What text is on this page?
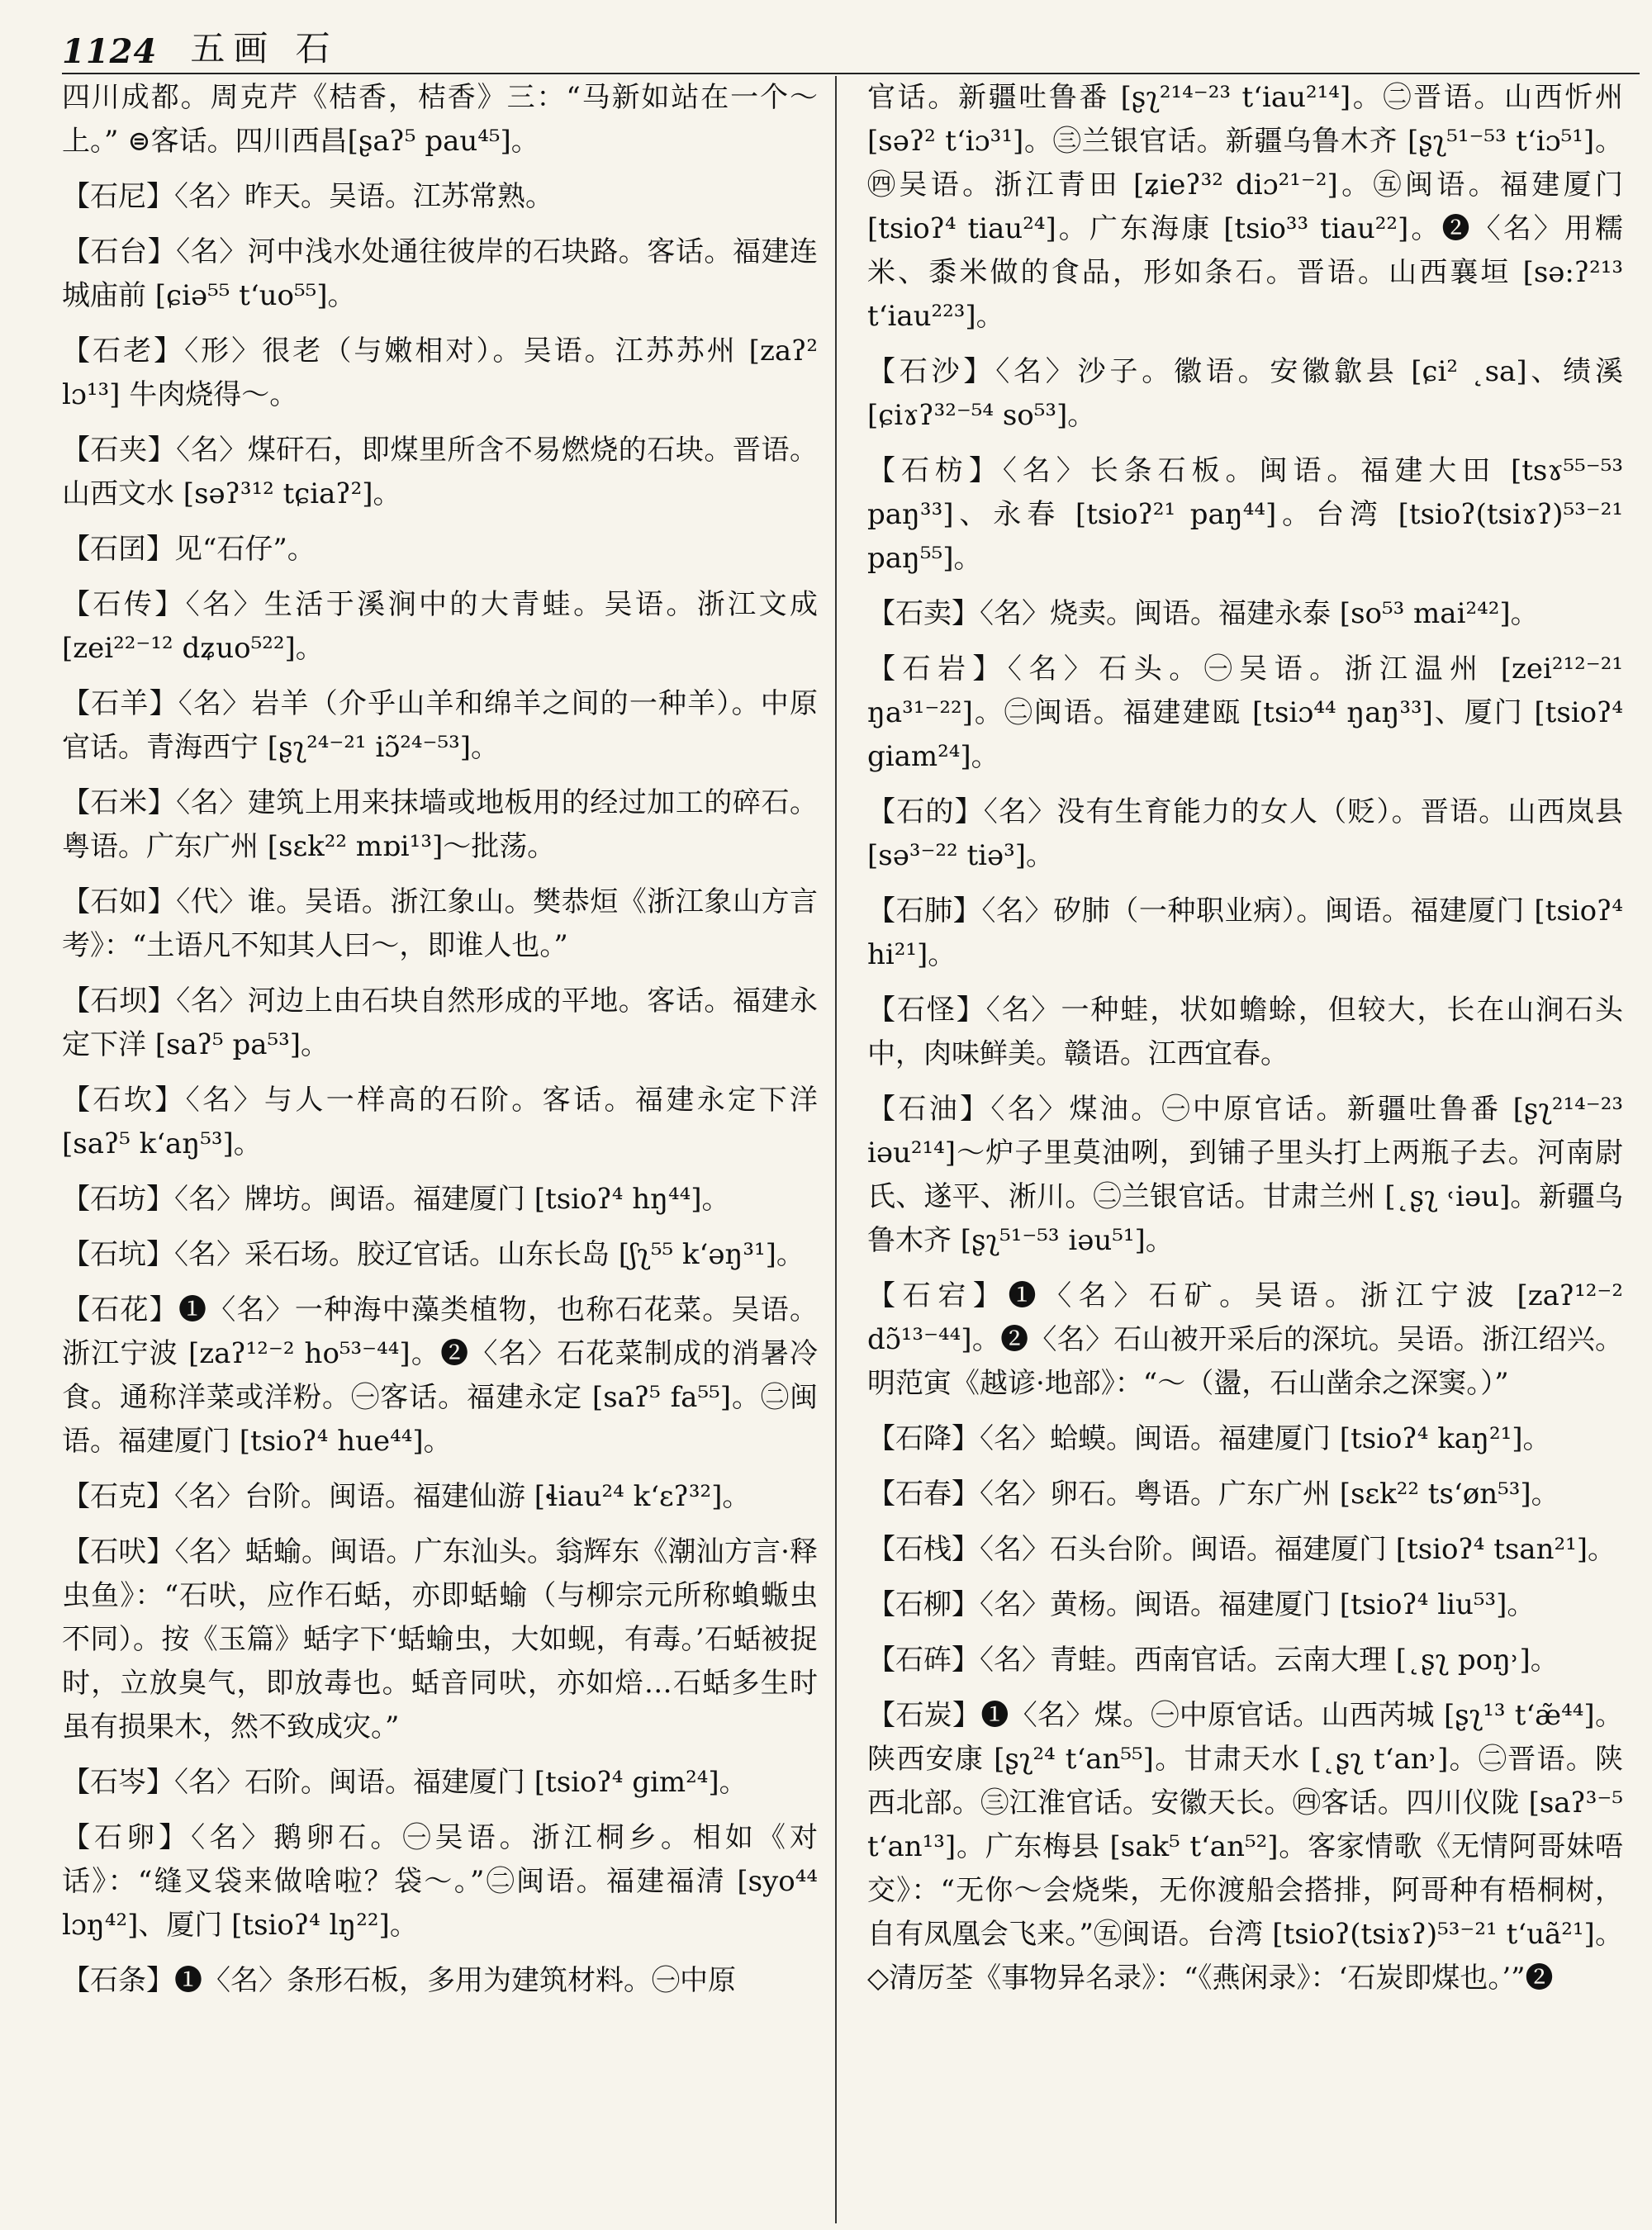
1124 五画 石

四川成都。周克芹《桔香，桔香》三：“马新如站在一个～上。” ⊜客话。四川西昌[ʂaʔ⁵ pau⁴⁵]。

【石尼】〈名〉昨天。吴语。江苏常熟。

【石台】〈名〉河中浅水处通往彼岸的石块路。客话。福建连城庙前 [ɕiə⁵⁵ t‘uo⁵⁵]。

【石老】〈形〉很老（与嫩相对）。吴语。江苏苏州 [zaʔ² lɔ¹³] 牛肉烧得～。

【石夹】〈名〉煤矸石，即煤里所含不易燃烧的石块。晋语。山西文水 [səʔ³¹² tɕiaʔ²]。

【石囝】见“石仔”。

【石传】〈名〉生活于溪涧中的大青蛙。吴语。浙江文成 [zei²²⁻¹² dʑuo⁵²²]。

【石羊】〈名〉岩羊（介乎山羊和绵羊之间的一种羊）。中原官话。青海西宁 [ʂʅ²⁴⁻²¹ iɔ̃²⁴⁻⁵³]。

【石米】〈名〉建筑上用来抹墙或地板用的经过加工的碎石。粤语。广东广州 [sɛk²² mɒi¹³]～批荡。

【石如】〈代〉谁。吴语。浙江象山。樊恭烜《浙江象山方言考》：“土语凡不知其人曰～，即谁人也。”

【石坝】〈名〉河边上由石块自然形成的平地。客话。福建永定下洋 [saʔ⁵ pa⁵³]。

【石坎】〈名〉与人一样高的石阶。客话。福建永定下洋 [saʔ⁵ k‘aŋ⁵³]。

【石坊】〈名〉牌坊。闽语。福建厦门 [tsioʔ⁴ hŋ⁴⁴]。

【石坑】〈名〉采石场。胶辽官话。山东长岛 [ʃʅ⁵⁵ k‘əŋ³¹]。

【石花】❶〈名〉一种海中藻类植物，也称石花菜。吴语。浙江宁波 [zaʔ¹²⁻² ho⁵³⁻⁴⁴]。❷〈名〉石花菜制成的消暑冷食。通称洋菜或洋粉。㊀客话。福建永定 [saʔ⁵ fa⁵⁵]。㊁闽语。福建厦门 [tsioʔ⁴ hue⁴⁴]。

【石克】〈名〉台阶。闽语。福建仙游 [ɬiau²⁴ k‘ɛʔ³²]。

【石吠】〈名〉蛞蝓。闽语。广东汕头。翁辉东《潮汕方言·释虫鱼》：“石吠，应作石蛞，亦即蛞蝓（与柳宗元所称蝜蝂虫不同）。按《玉篇》蛞字下‘蛞蝓虫，大如蚬，有毒。’石蛞被捉时，立放臭气，即放毒也。蛞音同吠，亦如焙…石蛞多生时虽有损果木，然不致成灾。”

【石岑】〈名〉石阶。闽语。福建厦门 [tsioʔ⁴ gim²⁴]。

【石卵】〈名〉鹅卵石。㊀吴语。浙江桐乡。相如《对话》：“缝叉袋来做啥啦？袋～。”㊁闽语。福建福清 [syo⁴⁴ lɔŋ⁴²]、厦门 [tsioʔ⁴ lŋ²²]。

【石条】❶〈名〉条形石板，多用为建筑材料。㊀中原

官话。新疆吐鲁番 [ʂʅ²¹⁴⁻²³ t‘iau²¹⁴]。㊁晋语。山西忻州 [səʔ² t‘iɔ³¹]。㊂兰银官话。新疆乌鲁木齐 [ʂʅ⁵¹⁻⁵³ t‘iɔ⁵¹]。㊃吴语。浙江青田 [ʑieʔ³² diɔ²¹⁻²]。㊄闽语。福建厦门 [tsioʔ⁴ tiau²⁴]。广东海康 [tsio³³ tiau²²]。❷〈名〉用糯米、黍米做的食品，形如条石。晋语。山西襄垣 [sə:ʔ²¹³ t‘iau²²³]。

【石沙】〈名〉沙子。徽语。安徽歙县 [ɕi² ˛sa]、绩溪 [ɕiɤʔ³²⁻⁵⁴ so⁵³]。

【石枋】〈名〉长条石板。闽语。福建大田 [tsɤ⁵⁵⁻⁵³ paŋ³³]、永春 [tsioʔ²¹ paŋ⁴⁴]。台湾 [tsioʔ(tsiɤʔ)⁵³⁻²¹ paŋ⁵⁵]。

【石卖】〈名〉烧卖。闽语。福建永泰 [so⁵³ mai²⁴²]。

【石岩】〈名〉石头。㊀吴语。浙江温州 [zei²¹²⁻²¹ ŋa³¹⁻²²]。㊁闽语。福建建瓯 [tsiɔ⁴⁴ ŋaŋ³³]、厦门 [tsioʔ⁴ giam²⁴]。

【石的】〈名〉没有生育能力的女人（贬）。晋语。山西岚县 [sə³⁻²² tiə³]。

【石肺】〈名〉矽肺（一种职业病）。闽语。福建厦门 [tsioʔ⁴ hi²¹]。

【石怪】〈名〉一种蛙，状如蟾蜍，但较大，长在山涧石头中，肉味鲜美。赣语。江西宜春。

【石油】〈名〉煤油。㊀中原官话。新疆吐鲁番 [ʂʅ²¹⁴⁻²³ iəu²¹⁴]～炉子里莫油咧，到铺子里头打上两瓶子去。河南尉氏、遂平、淅川。㊁兰银官话。甘肃兰州 [˛ʂʅ ˓iəu]。新疆乌鲁木齐 [ʂʅ⁵¹⁻⁵³ iəu⁵¹]。

【石宕】❶〈名〉石矿。吴语。浙江宁波 [zaʔ¹²⁻² dɔ̃¹³⁻⁴⁴]。❷〈名〉石山被开采后的深坑。吴语。浙江绍兴。明范寅《越谚·地部》：“～（盪，石山凿余之深窦。）”

【石降】〈名〉蛤蟆。闽语。福建厦门 [tsioʔ⁴ kaŋ²¹]。

【石春】〈名〉卵石。粤语。广东广州 [sɛk²² ts‘øn⁵³]。

【石栈】〈名〉石头台阶。闽语。福建厦门 [tsioʔ⁴ tsan²¹]。

【石柳】〈名〉黄杨。闽语。福建厦门 [tsioʔ⁴ liu⁵³]。

【石砗】〈名〉青蛙。西南官话。云南大理 [˛ʂʅ poŋ˒]。

【石炭】❶〈名〉煤。㊀中原官话。山西芮城 [ʂʅ¹³ t‘æ̃⁴⁴]。陕西安康 [ʂʅ²⁴ t‘an⁵⁵]。甘肃天水 [˛ʂʅ t‘an˒]。㊁晋语。陕西北部。㊂江淮官话。安徽天长。㊃客话。四川仪陇 [saʔ³⁻⁵ t‘an¹³]。广东梅县 [sak⁵ t‘an⁵²]。客家情歌《无情阿哥妹唔交》：“无你～会烧柴，无你渡船会搭排，阿哥种有梧桐树，自有凤凰会飞来。”㊄闽语。台湾 [tsioʔ(tsiɤʔ)⁵³⁻²¹ t‘uã²¹]。◇清厉荃《事物异名录》：“《燕闲录》：‘石炭即煤也。’”❷
